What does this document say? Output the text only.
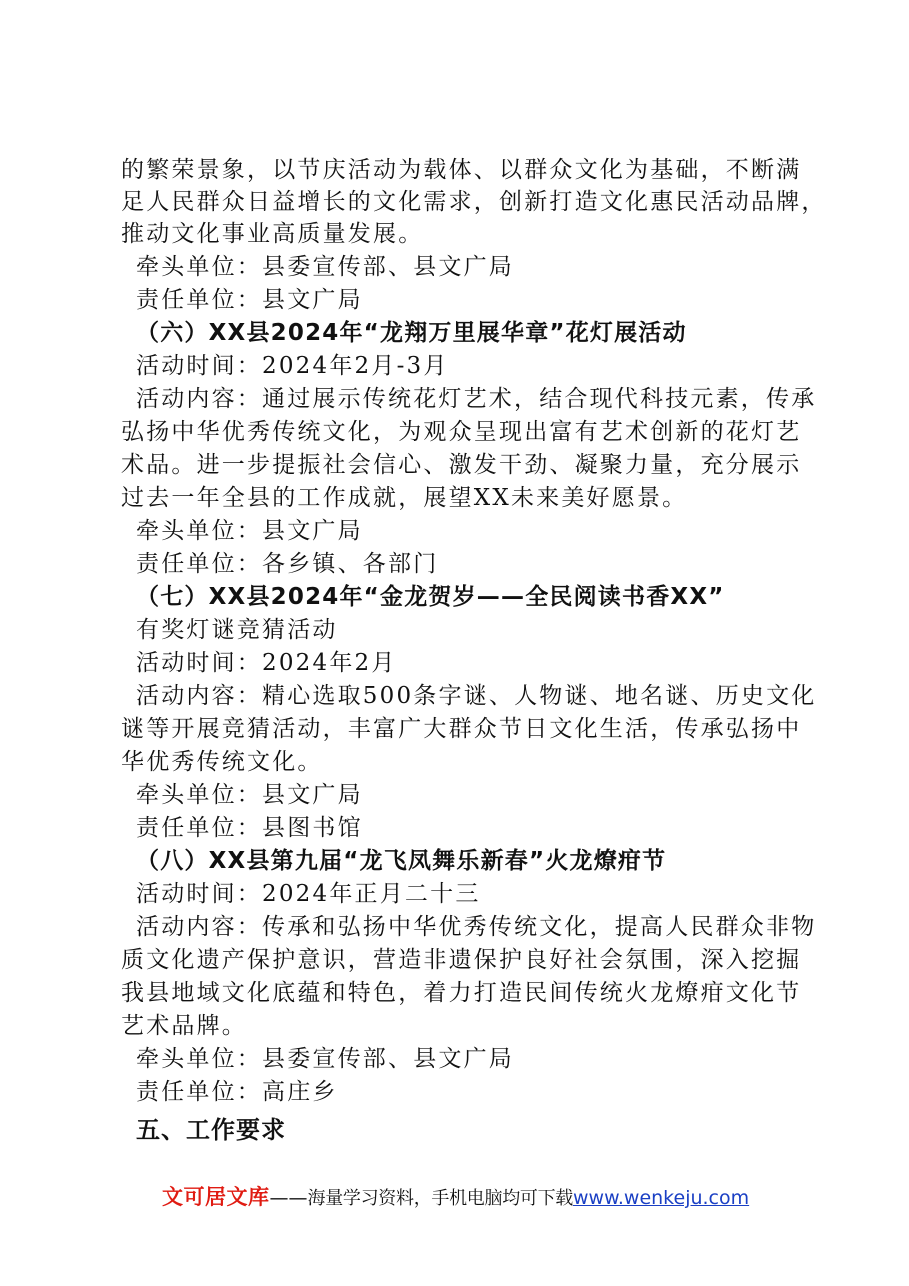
的繁荣景象，以节庆活动为载体、以群众文化为基础，不断满
足人民群众日益增长的文化需求，创新打造文化惠民活动品牌，
推动文化事业高质量发展。
牵头单位：县委宣传部、县文广局
责任单位：县文广局
（六）XX县2024年“龙翔万里展华章”花灯展活动
活动时间：2024年2月-3月
活动内容：通过展示传统花灯艺术，结合现代科技元素，传承
弘扬中华优秀传统文化，为观众呈现出富有艺术创新的花灯艺
术品。进一步提振社会信心、激发干劲、凝聚力量，充分展示
过去一年全县的工作成就，展望XX未来美好愿景。
牵头单位：县文广局
责任单位：各乡镇、各部门
（七）XX县2024年“金龙贺岁——全民阅读书香XX”
有奖灯谜竞猜活动
活动时间：2024年2月
活动内容：精心选取500条字谜、人物谜、地名谜、历史文化
谜等开展竞猜活动，丰富广大群众节日文化生活，传承弘扬中
华优秀传统文化。
牵头单位：县文广局
责任单位：县图书馆
（八）XX县第九届“龙飞凤舞乐新春”火龙燎疳节
活动时间：2024年正月二十三
活动内容：传承和弘扬中华优秀传统文化，提高人民群众非物
质文化遗产保护意识，营造非遗保护良好社会氛围，深入挖掘
我县地域文化底蕴和特色，着力打造民间传统火龙燎疳文化节
艺术品牌。
牵头单位：县委宣传部、县文广局
责任单位：高庄乡
五、工作要求
文可居文库——海量学习资料，手机电脑均可下载www.wenkeju.com
